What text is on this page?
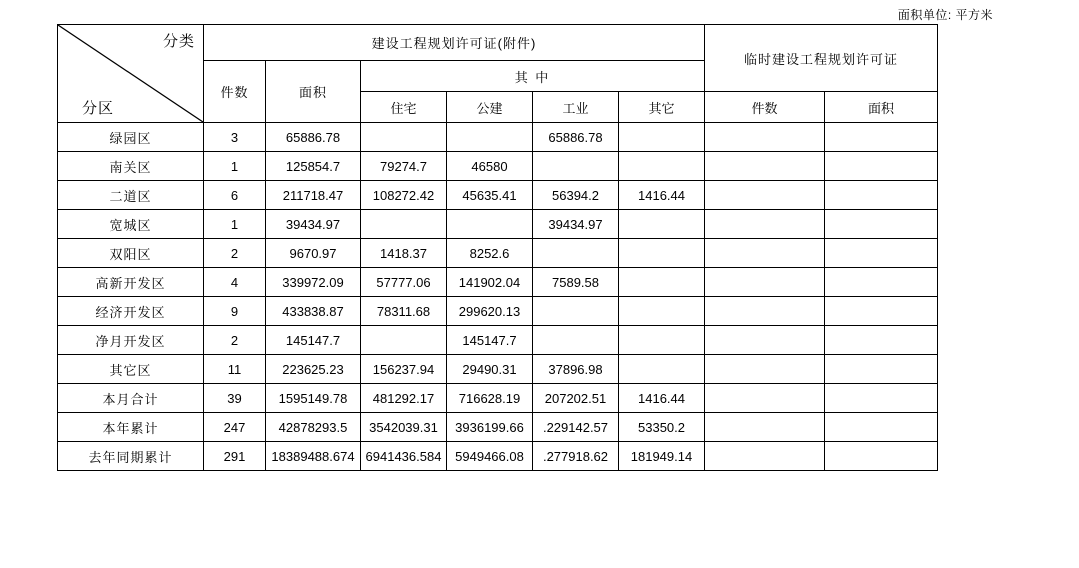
面积单位: 平方米
分类
分区	建设工程规划许可证(附件)						临时建设工程规划许可证	
	件数	面积	其 中					
			住宅	公建	工业	其它	件数	面积
绿园区	3	65886.78			65886.78			
南关区	1	125854.7	79274.7	46580				
二道区	6	211718.47	108272.42	45635.41	56394.2	1416.44		
宽城区	1	39434.97			39434.97			
双阳区	2	9670.97	1418.37	8252.6				
高新开发区	4	339972.09	57777.06	141902.04	7589.58			
经济开发区	9	433838.87	78311.68	299620.13				
净月开发区	2	145147.7		145147.7				
其它区	11	223625.23	156237.94	29490.31	37896.98			
本月合计	39	1595149.78	481292.17	716628.19	207202.51	1416.44		
本年累计	247	42878293.5	3542039.31	3936199.66	.229142.57	53350.2		
去年同期累计	291	18389488.674	6941436.584	5949466.08	.277918.62	181949.14		
